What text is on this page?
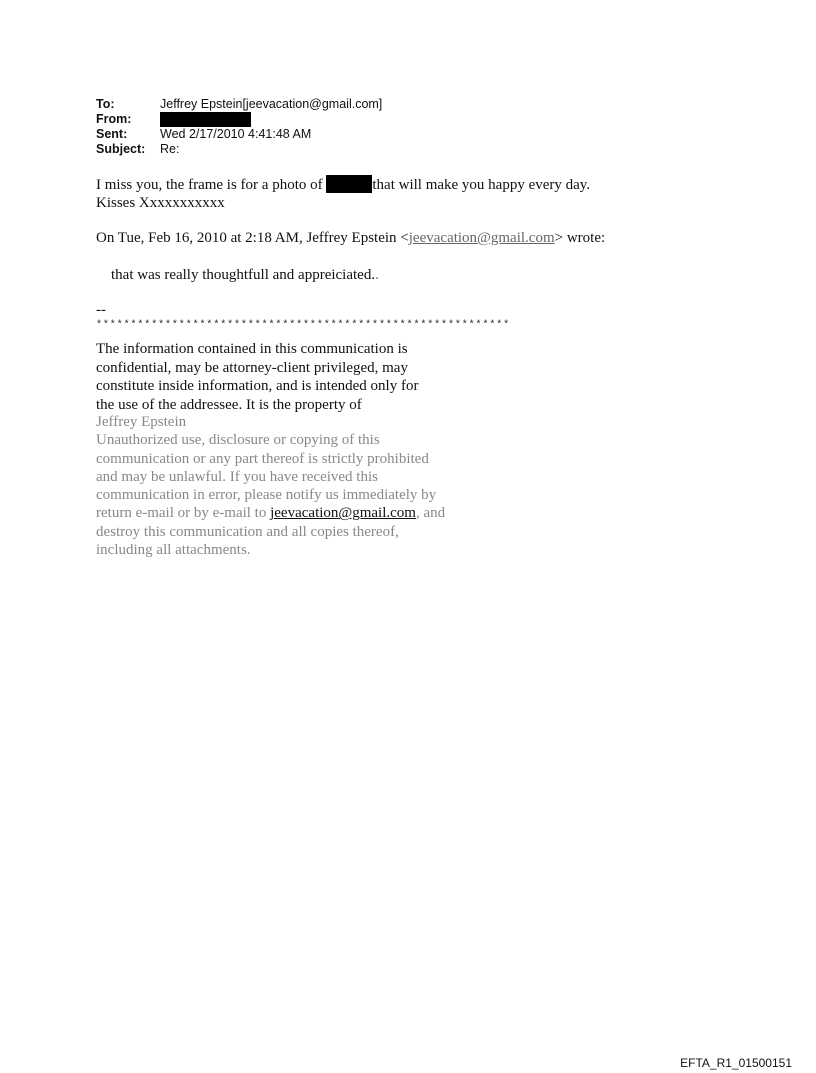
To:	Jeffrey Epstein[jeevacation@gmail.com]
From:
Sent:	Wed 2/17/2010 4:41:48 AM
Subject:	Re:
I miss you, the frame is for a photo of	that will make you happy every day.
Kisses Xxxxxxxxxxx
On Tue, Feb 16, 2010 at 2:18 AM, Jeffrey Epstein <jeevacation@gmail.com> wrote:
that was really thoughtfull and appreiciated..
--
************************************************************
The information contained in this communication is
confidential, may be attorney-client privileged, may
constitute inside information, and is intended only for
the use of the addressee. It is the property of
Jeffrey Epstein
Unauthorized use, disclosure or copying of this
communication or any part thereof is strictly prohibited
and may be unlawful. If you have received this
communication in error, please notify us immediately by
return e-mail or by e-mail to jeevacation@gmail.com, and
destroy this communication and all copies thereof,
including all attachments.
EFTA_R1_01500151
